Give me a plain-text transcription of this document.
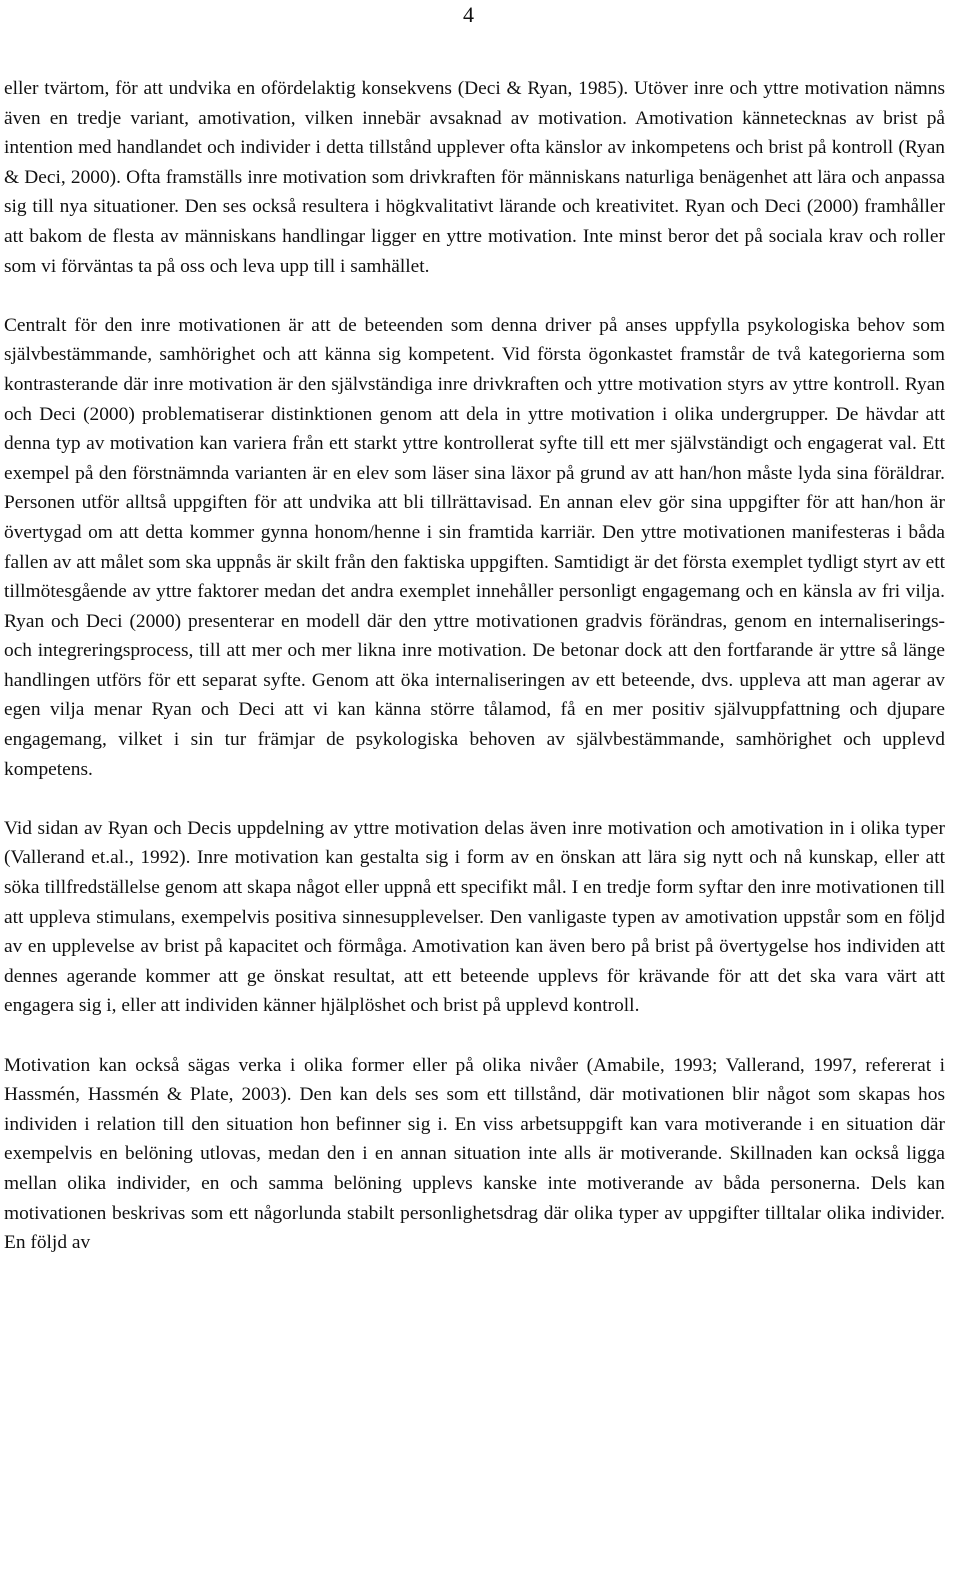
4

eller tvärtom, för att undvika en ofördelaktig konsekvens (Deci & Ryan, 1985). Utöver inre och yttre motivation nämns även en tredje variant, amotivation, vilken innebär avsaknad av motivation. Amotivation kännetecknas av brist på intention med handlandet och individer i detta tillstånd upplever ofta känslor av inkompetens och brist på kontroll (Ryan & Deci, 2000). Ofta framställs inre motivation som drivkraften för människans naturliga benägenhet att lära och anpassa sig till nya situationer. Den ses också resultera i högkvalitativt lärande och kreativitet. Ryan och Deci (2000) framhåller att bakom de flesta av människans handlingar ligger en yttre motivation. Inte minst beror det på sociala krav och roller som vi förväntas ta på oss och leva upp till i samhället.

Centralt för den inre motivationen är att de beteenden som denna driver på anses uppfylla psykologiska behov som självbestämmande, samhörighet och att känna sig kompetent. Vid första ögonkastet framstår de två kategorierna som kontrasterande där inre motivation är den självständiga inre drivkraften och yttre motivation styrs av yttre kontroll. Ryan och Deci (2000) problematiserar distinktionen genom att dela in yttre motivation i olika undergrupper. De hävdar att denna typ av motivation kan variera från ett starkt yttre kontrollerat syfte till ett mer självständigt och engagerat val. Ett exempel på den förstnämnda varianten är en elev som läser sina läxor på grund av att han/hon måste lyda sina föräldrar. Personen utför alltså uppgiften för att undvika att bli tillrättavisad. En annan elev gör sina uppgifter för att han/hon är övertygad om att detta kommer gynna honom/henne i sin framtida karriär. Den yttre motivationen manifesteras i båda fallen av att målet som ska uppnås är skilt från den faktiska uppgiften. Samtidigt är det första exemplet tydligt styrt av ett tillmötesgående av yttre faktorer medan det andra exemplet innehåller personligt engagemang och en känsla av fri vilja. Ryan och Deci (2000) presenterar en modell där den yttre motivationen gradvis förändras, genom en internaliserings- och integreringsprocess, till att mer och mer likna inre motivation. De betonar dock att den fortfarande är yttre så länge handlingen utförs för ett separat syfte. Genom att öka internaliseringen av ett beteende, dvs. uppleva att man agerar av egen vilja menar Ryan och Deci att vi kan känna större tålamod, få en mer positiv självuppfattning och djupare engagemang, vilket i sin tur främjar de psykologiska behoven av självbestämmande, samhörighet och upplevd kompetens.

Vid sidan av Ryan och Decis uppdelning av yttre motivation delas även inre motivation och amotivation in i olika typer (Vallerand et.al., 1992). Inre motivation kan gestalta sig i form av en önskan att lära sig nytt och nå kunskap, eller att söka tillfredställelse genom att skapa något eller uppnå ett specifikt mål. I en tredje form syftar den inre motivationen till att uppleva stimulans, exempelvis positiva sinnesupplevelser. Den vanligaste typen av amotivation uppstår som en följd av en upplevelse av brist på kapacitet och förmåga. Amotivation kan även bero på brist på övertygelse hos individen att dennes agerande kommer att ge önskat resultat, att ett beteende upplevs för krävande för att det ska vara värt att engagera sig i, eller att individen känner hjälplöshet och brist på upplevd kontroll.

Motivation kan också sägas verka i olika former eller på olika nivåer (Amabile, 1993; Vallerand, 1997, refererat i Hassmén, Hassmén & Plate, 2003). Den kan dels ses som ett tillstånd, där motivationen blir något som skapas hos individen i relation till den situation hon befinner sig i. En viss arbetsuppgift kan vara motiverande i en situation där exempelvis en belöning utlovas, medan den i en annan situation inte alls är motiverande. Skillnaden kan också ligga mellan olika individer, en och samma belöning upplevs kanske inte motiverande av båda personerna. Dels kan motivationen beskrivas som ett någorlunda stabilt personlighetsdrag där olika typer av uppgifter tilltalar olika individer. En följd av
